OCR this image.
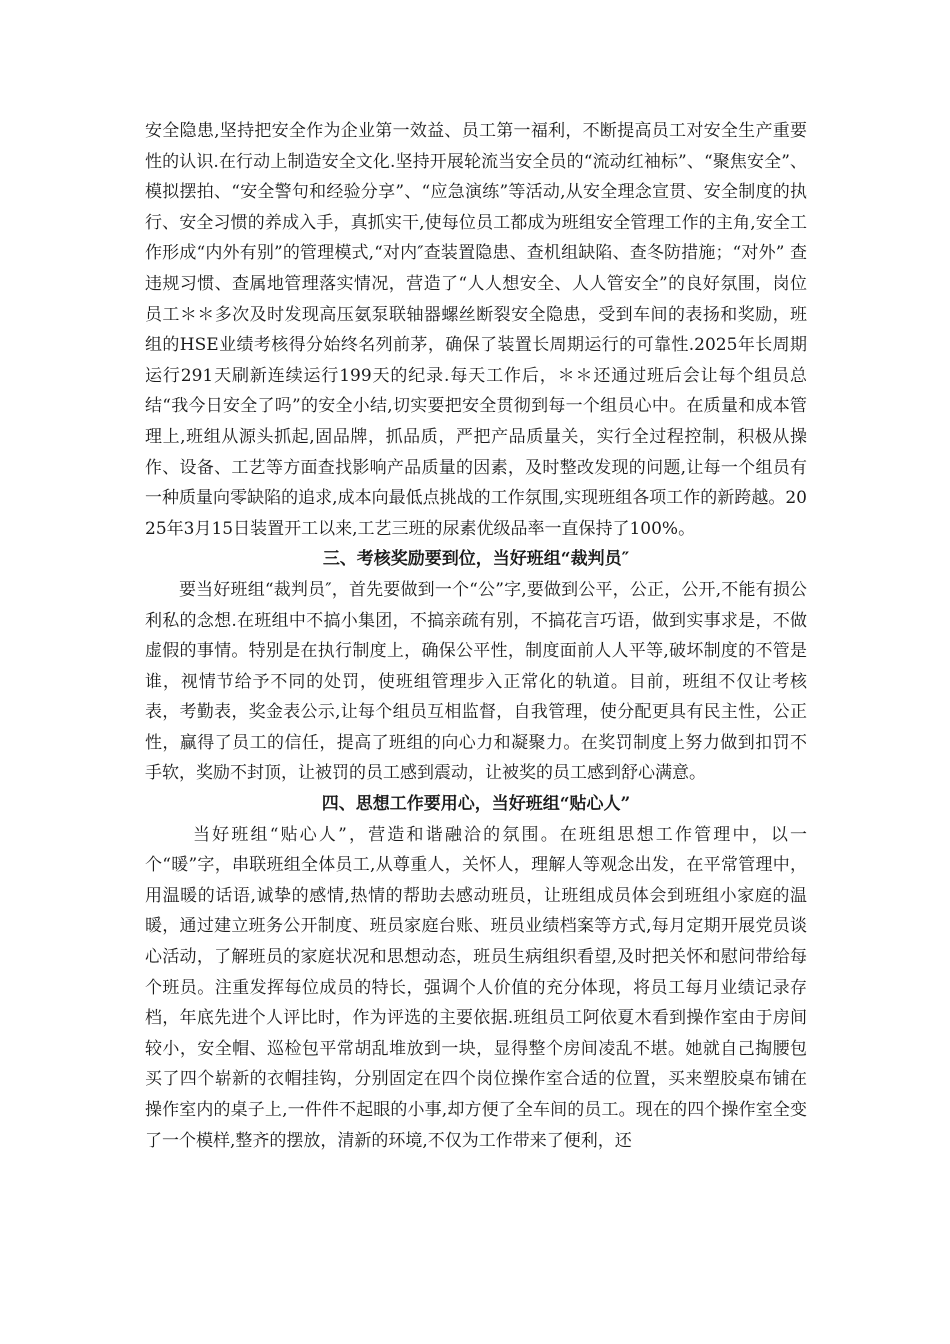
安全隐患,坚持把安全作为企业第一效益、员工第一福利，不断提高员工对安全生产重要性的认识.在行动上制造安全文化.坚持开展轮流当安全员的“流动红袖标”、“聚焦安全”、模拟摆拍、“安全警句和经验分享”、“应急演练”等活动,从安全理念宣贯、安全制度的执行、安全习惯的养成入手，真抓实干,使每位员工都成为班组安全管理工作的主角,安全工作形成“内外有别”的管理模式,“对内″查装置隐患、查机组缺陷、查冬防措施；“对外” 查违规习惯、查属地管理落实情况，营造了“人人想安全、人人管安全”的良好氛围，岗位员工＊＊多次及时发现高压氨泵联轴器螺丝断裂安全隐患，受到车间的表扬和奖励，班组的HSE业绩考核得分始终名列前茅，确保了装置长周期运行的可靠性.2025年长周期运行291天刷新连续运行199天的纪录.每天工作后，＊＊还通过班后会让每个组员总结“我今日安全了吗”的安全小结,切实要把安全贯彻到每一个组员心中。在质量和成本管理上,班组从源头抓起,固品牌，抓品质，严把产品质量关，实行全过程控制，积极从操作、设备、工艺等方面查找影响产品质量的因素，及时整改发现的问题,让每一个组员有一种质量向零缺陷的追求,成本向最低点挑战的工作氛围,实现班组各项工作的新跨越。2025年3月15日装置开工以来,工艺三班的尿素优级品率一直保持了100%。

三、考核奖励要到位，当好班组“裁判员″

要当好班组“裁判员″，首先要做到一个“公”字,要做到公平，公正，公开,不能有损公利私的念想.在班组中不搞小集团，不搞亲疏有别，不搞花言巧语，做到实事求是，不做虚假的事情。特别是在执行制度上，确保公平性，制度面前人人平等,破坏制度的不管是谁，视情节给予不同的处罚，使班组管理步入正常化的轨道。目前，班组不仅让考核表，考勤表，奖金表公示,让每个组员互相监督，自我管理，使分配更具有民主性，公正性，赢得了员工的信任，提高了班组的向心力和凝聚力。在奖罚制度上努力做到扣罚不手软，奖励不封顶，让被罚的员工感到震动，让被奖的员工感到舒心满意。

四、思想工作要用心，当好班组“贴心人”

当好班组“贴心人”，营造和谐融洽的氛围。在班组思想工作管理中，以一个“暖”字，串联班组全体员工,从尊重人，关怀人，理解人等观念出发，在平常管理中，用温暖的话语,诚挚的感情,热情的帮助去感动班员，让班组成员体会到班组小家庭的温暖，通过建立班务公开制度、班员家庭台账、班员业绩档案等方式,每月定期开展党员谈心活动，了解班员的家庭状况和思想动态，班员生病组织看望,及时把关怀和慰问带给每个班员。注重发挥每位成员的特长，强调个人价值的充分体现，将员工每月业绩记录存档，年底先进个人评比时，作为评选的主要依据.班组员工阿依夏木看到操作室由于房间较小，安全帽、巡检包平常胡乱堆放到一块，显得整个房间凌乱不堪。她就自己掏腰包买了四个崭新的衣帽挂钩，分别固定在四个岗位操作室合适的位置，买来塑胶桌布铺在操作室内的桌子上,一件件不起眼的小事,却方便了全车间的员工。现在的四个操作室全变了一个模样,整齐的摆放，清新的环境,不仅为工作带来了便利，还
